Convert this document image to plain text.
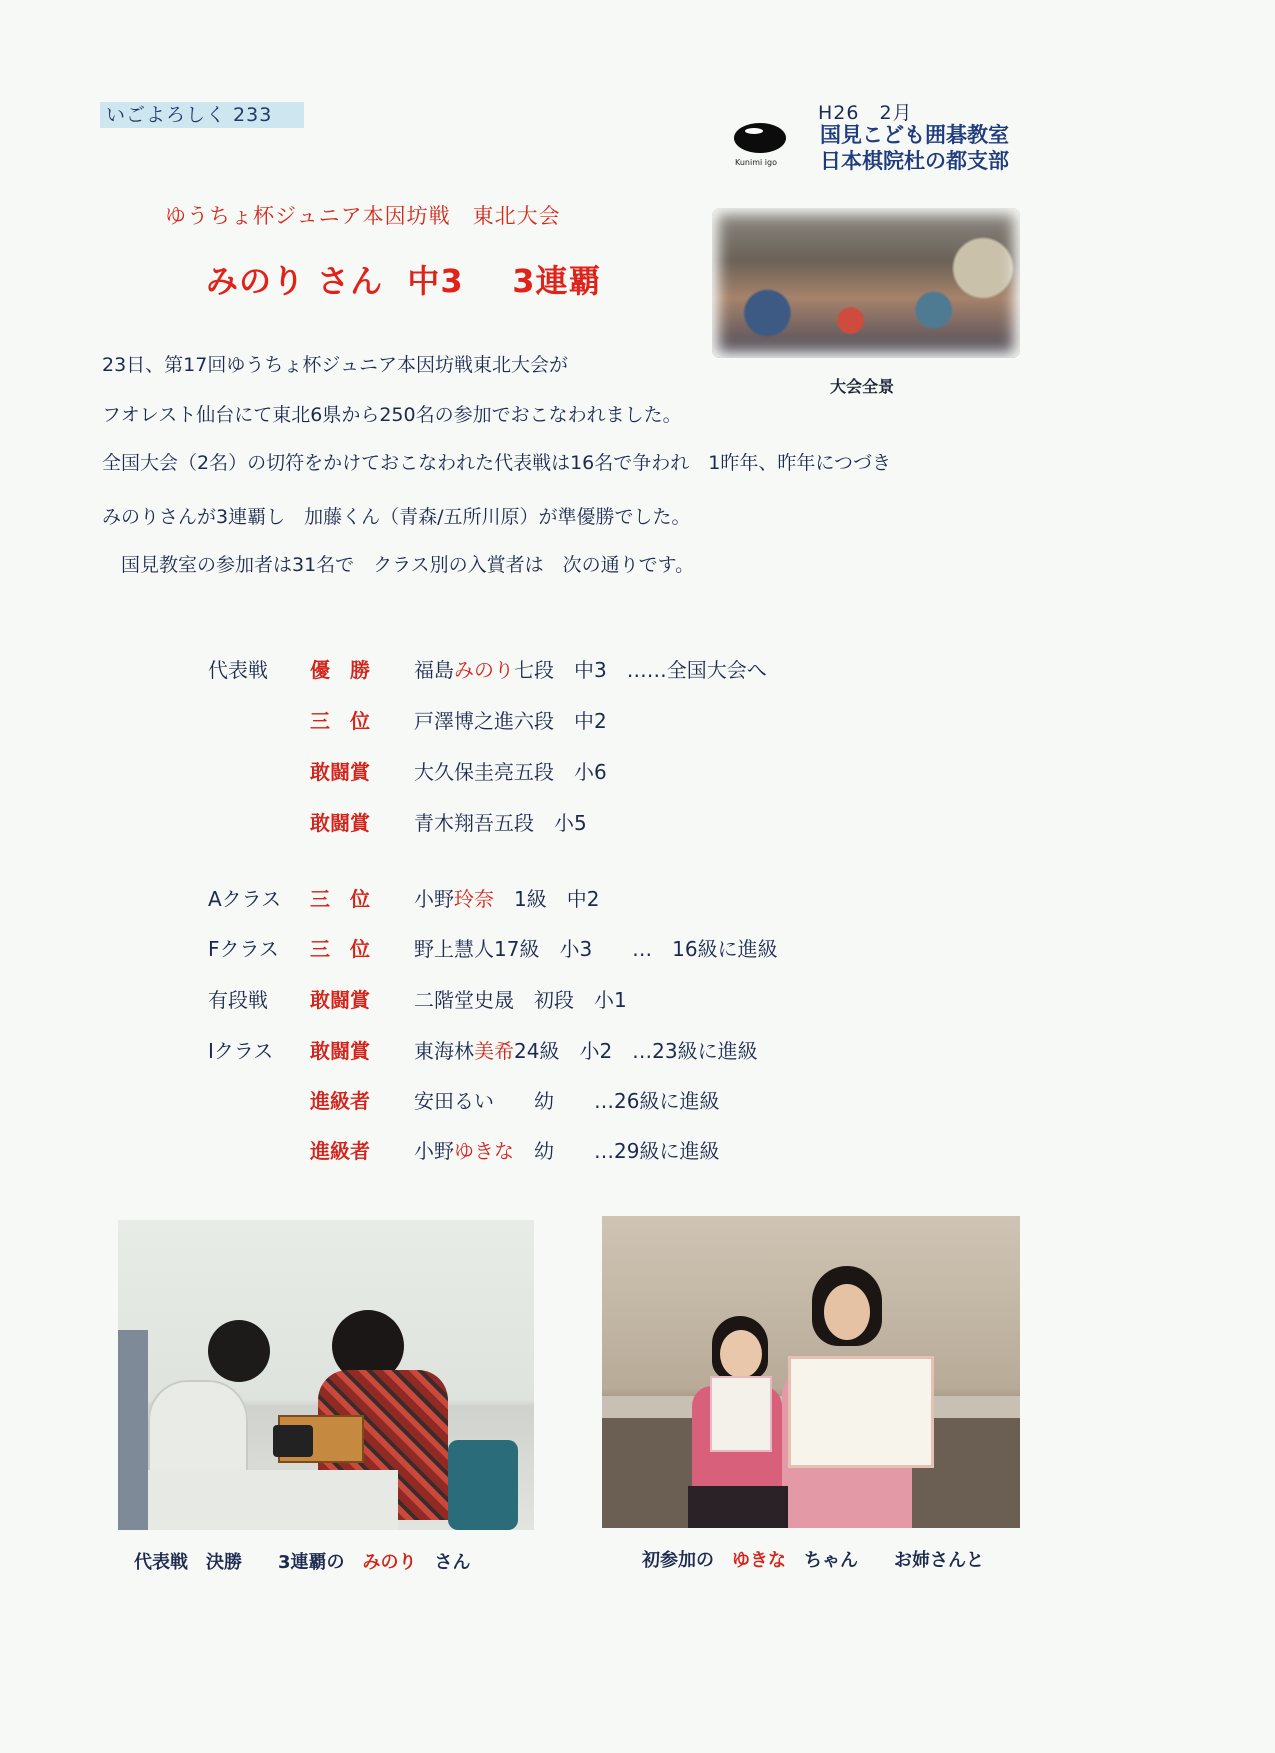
いごよろしく 233	H26　2月
Kunimi igo
国見こども囲碁教室
日本棋院杜の都支部
ゆうちょ杯ジュニア本因坊戦　東北大会
みのり さん  中3    3連覇
大会全景
23日、第17回ゆうちょ杯ジュニア本因坊戦東北大会が
フオレスト仙台にて東北6県から250名の参加でおこなわれました。
全国大会（2名）の切符をかけておこなわれた代表戦は16名で争われ　1昨年、昨年につづき
みのりさんが3連覇し　加藤くん（青森/五所川原）が準優勝でした。
　国見教室の参加者は31名で　クラス別の入賞者は　次の通りです。
代表戦 優　勝 福島みのり七段　中3　……全国大会へ
三　位 戸澤博之進六段　中2
敢闘賞 大久保圭亮五段　小6
敢闘賞 青木翔吾五段　小5
Aクラス 三　位 小野玲奈　1級　中2
Fクラス 三　位 野上慧人17級　小3　　…　16級に進級
有段戦 敢闘賞 二階堂史晟　初段　小1
Iクラス 敢闘賞 東海林美希24級　小2　…23級に進級
進級者 安田るい　　幼　　…26級に進級
進級者 小野ゆきな　幼　　…29級に進級
代表戦　決勝　　3連覇の　みのり　さん	初参加の　ゆきな　ちゃん　　お姉さんと
